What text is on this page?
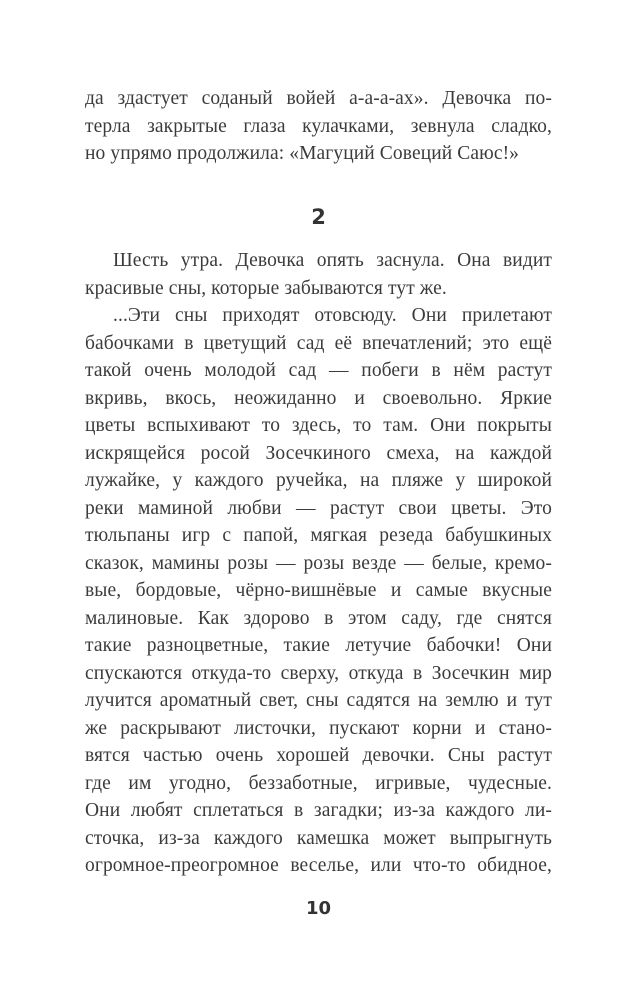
да здастует соданый войей а-а-а-ах». Девочка по-
терла закрытые глаза кулачками, зевнула сладко,
но упрямо продолжила: «Магуций Совеций Саюс!»
2
Шесть утра. Девочка опять заснула. Она видит
красивые сны, которые забываются тут же.
...Эти сны приходят отовсюду. Они прилетают
бабочками в цветущий сад её впечатлений; это ещё
такой очень молодой сад — побеги в нём растут
вкривь, вкось, неожиданно и своевольно. Яркие
цветы вспыхивают то здесь, то там. Они покрыты
искрящейся росой Зосечкиного смеха, на каждой
лужайке, у каждого ручейка, на пляже у широкой
реки маминой любви — растут свои цветы. Это
тюльпаны игр с папой, мягкая резеда бабушкиных
сказок, мамины розы — розы везде — белые, кремо-
вые, бордовые, чёрно-вишнёвые и самые вкусные
малиновые. Как здорово в этом саду, где снятся
такие разноцветные, такие летучие бабочки! Они
спускаются откуда-то сверху, откуда в Зосечкин мир
лучится ароматный свет, сны садятся на землю и тут
же раскрывают листочки, пускают корни и стано-
вятся частью очень хорошей девочки. Сны растут
где им угодно, беззаботные, игривые, чудесные.
Они любят сплетаться в загадки; из-за каждого ли-
сточка, из-за каждого камешка может выпрыгнуть
огромное-преогромное веселье, или что-то обидное,
10
